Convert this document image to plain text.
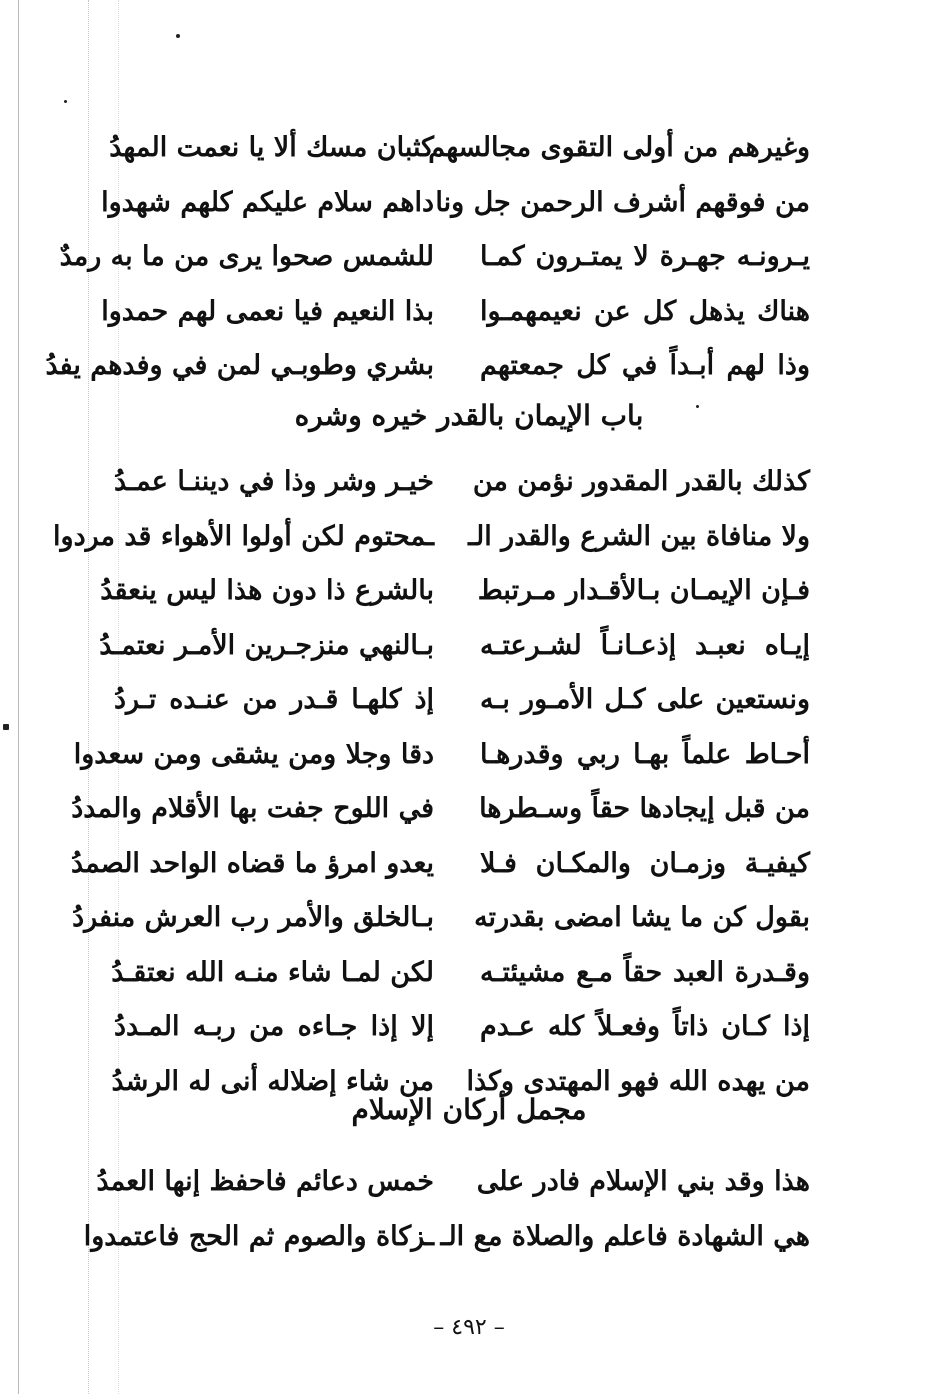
وغيرهم من أولى التقوى مجالسهم
كثبان مسك ألا يا نعمت المهدُ
من فوقهم أشرف الرحمن جل ونا
داهم سلام عليكم كلهم شهدوا
يـرونـه جهـرة لا يمتـرون كمـا
للشمس صحوا يرى من ما به رمدٌ
هناك يذهل كل عن نعيمهمـوا
بذا النعيم فيا نعمى لهم حمدوا
وذا لهم أبـداً في كل جمعتهم
بشري وطوبـي لمن في وفدهم يفدُ
باب الإيمان بالقدر خيره وشره
كذلك بالقدر المقدور نؤمن من
خيـر وشر وذا في ديننـا عمـدُ
ولا منافاة بين الشرع والقدر الـ
ـمحتوم لكن أولوا الأهواء قد مردوا
فـإن الإيمـان بـالأقـدار مـرتبط
بالشرع ذا دون هذا ليس ينعقدُ
إيـاه نعبـد إذعـانـاً لشـرعتـه
بـالنهي منزجـرين الأمـر نعتمـدُ
ونستعين على كـل الأمـور بـه
إذ كلهـا قـدر من عنـده تـردُ
أحـاط علماً بهـا ربي وقدرهـا
دقا وجلا ومن يشقى ومن سعدوا
من قبل إيجادها حقاً وسـطرها
في اللوح جفت بها الأقلام والمددُ
كيفيـة وزمـان والمكـان فـلا
يعدو امرؤ ما قضاه الواحد الصمدُ
بقول كن ما يشا امضى بقدرته
بـالخلق والأمر رب العرش منفردُ
وقـدرة العبد حقاً مـع مشيئتـه
لكن لمـا شاء منـه الله نعتقـدُ
إذا كـان ذاتاً وفعـلاً كله عـدم
إلا إذا جـاءه من ربـه المـددُ
من يهده الله فهو المهتدى وكذا
من شاء إضلاله أنى له الرشدُ
مجمل أركان الإسلام
هذا وقد بني الإسلام فادر على
خمس دعائم فاحفظ إنها العمدُ
هي الشهادة فاعلم والصلاة مع الـ
ـزكاة والصوم ثم الحج فاعتمدوا
– ٤٩٢ –
